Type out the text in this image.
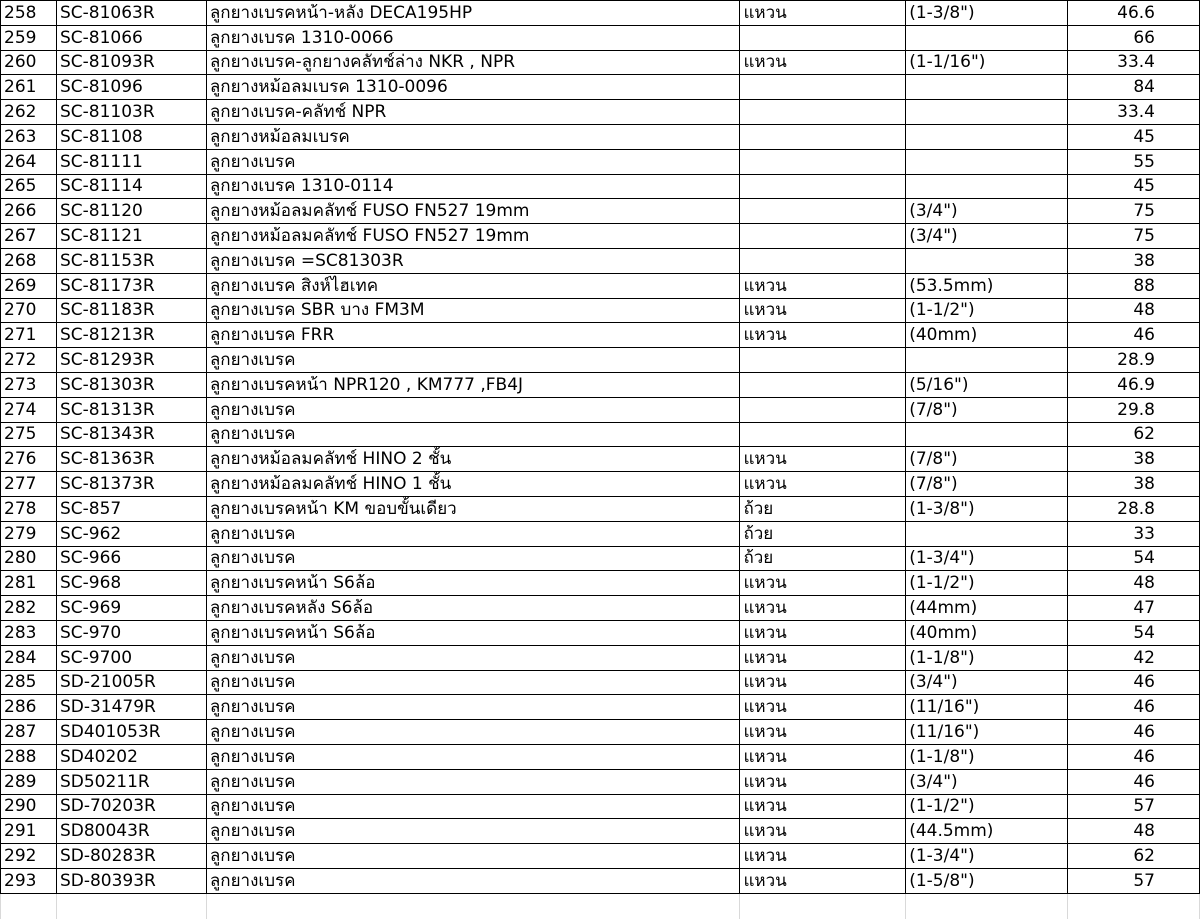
258	SC-81063R	ลูกยางเบรคหน้า-หลัง DECA195HP	แหวน	(1-3/8")	46.6
259	SC-81066	ลูกยางเบรค 1310-0066			66
260	SC-81093R	ลูกยางเบรค-ลูกยางคลัทช์ล่าง NKR , NPR	แหวน	(1-1/16")	33.4
261	SC-81096	ลูกยางหม้อลมเบรค 1310-0096			84
262	SC-81103R	ลูกยางเบรค-คลัทช์ NPR			33.4
263	SC-81108	ลูกยางหม้อลมเบรค			45
264	SC-81111	ลูกยางเบรค			55
265	SC-81114	ลูกยางเบรค 1310-0114			45
266	SC-81120	ลูกยางหม้อลมคลัทช์ FUSO FN527 19mm		(3/4")	75
267	SC-81121	ลูกยางหม้อลมคลัทช์ FUSO FN527 19mm		(3/4")	75
268	SC-81153R	ลูกยางเบรค =SC81303R			38
269	SC-81173R	ลูกยางเบรค สิงห์ไฮเทค	แหวน	(53.5mm)	88
270	SC-81183R	ลูกยางเบรค SBR บาง FM3M	แหวน	(1-1/2")	48
271	SC-81213R	ลูกยางเบรค FRR	แหวน	(40mm)	46
272	SC-81293R	ลูกยางเบรค			28.9
273	SC-81303R	ลูกยางเบรคหน้า NPR120 , KM777 ,FB4J		(5/16")	46.9
274	SC-81313R	ลูกยางเบรค		(7/8")	29.8
275	SC-81343R	ลูกยางเบรค			62
276	SC-81363R	ลูกยางหม้อลมคลัทช์ HINO 2 ชั้น	แหวน	(7/8")	38
277	SC-81373R	ลูกยางหม้อลมคลัทช์ HINO 1 ชั้น	แหวน	(7/8")	38
278	SC-857	ลูกยางเบรคหน้า KM ขอบขั้นเดียว	ถ้วย	(1-3/8")	28.8
279	SC-962	ลูกยางเบรค	ถ้วย		33
280	SC-966	ลูกยางเบรค	ถ้วย	(1-3/4")	54
281	SC-968	ลูกยางเบรคหน้า S6ล้อ	แหวน	(1-1/2")	48
282	SC-969	ลูกยางเบรคหลัง S6ล้อ	แหวน	(44mm)	47
283	SC-970	ลูกยางเบรคหน้า S6ล้อ	แหวน	(40mm)	54
284	SC-9700	ลูกยางเบรค	แหวน	(1-1/8")	42
285	SD-21005R	ลูกยางเบรค	แหวน	(3/4")	46
286	SD-31479R	ลูกยางเบรค	แหวน	(11/16")	46
287	SD401053R	ลูกยางเบรค	แหวน	(11/16")	46
288	SD40202	ลูกยางเบรค	แหวน	(1-1/8")	46
289	SD50211R	ลูกยางเบรค	แหวน	(3/4")	46
290	SD-70203R	ลูกยางเบรค	แหวน	(1-1/2")	57
291	SD80043R	ลูกยางเบรค	แหวน	(44.5mm)	48
292	SD-80283R	ลูกยางเบรค	แหวน	(1-3/4")	62
293	SD-80393R	ลูกยางเบรค	แหวน	(1-5/8")	57
